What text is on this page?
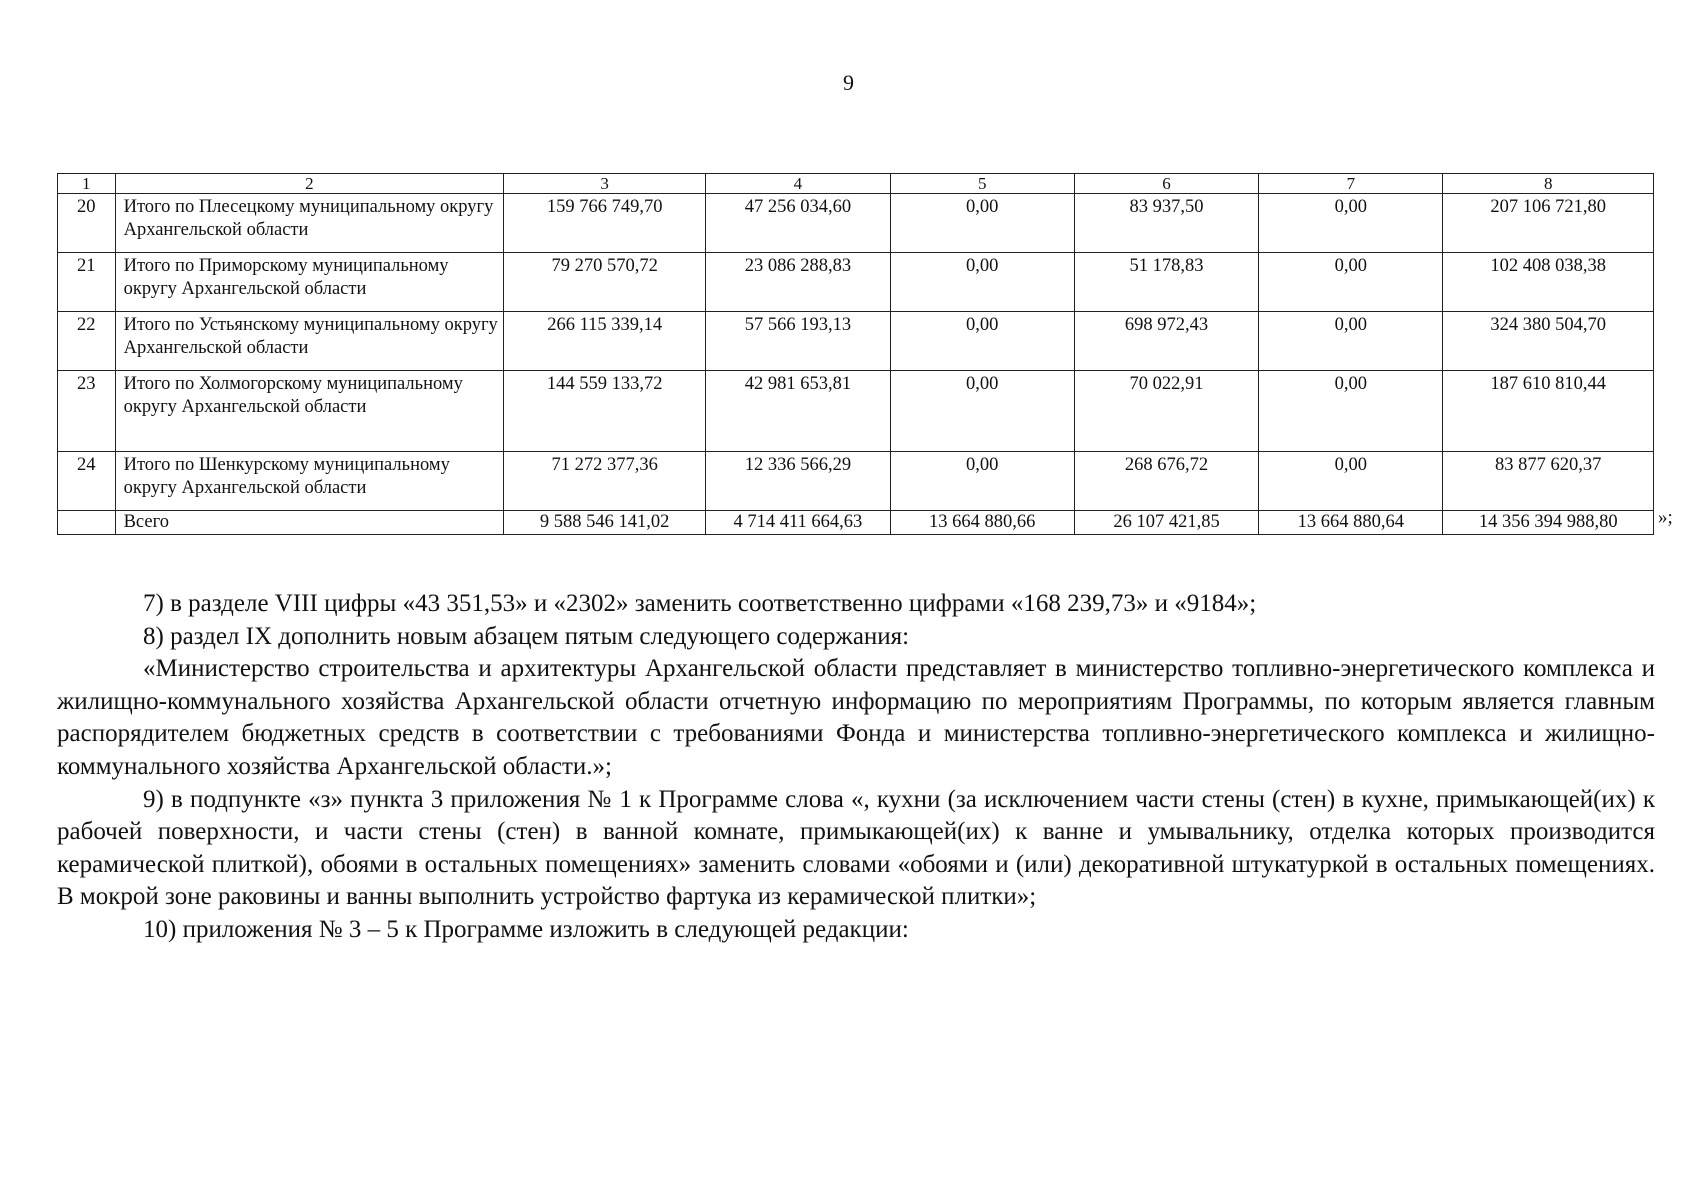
9
1	2	3	4	5	6	7	8
20	Итого по Плесецкому муниципальному округу Архангельской области	159 766 749,70	47 256 034,60	0,00	83 937,50	0,00	207 106 721,80
21	Итого по Приморскому муниципальному округу Архангельской области	79 270 570,72	23 086 288,83	0,00	51 178,83	0,00	102 408 038,38
22	Итого по Устьянскому муниципальному округу Архангельской области	266 115 339,14	57 566 193,13	0,00	698 972,43	0,00	324 380 504,70
23	Итого по Холмогорскому муниципальному округу Архангельской области	144 559 133,72	42 981 653,81	0,00	70 022,91	0,00	187 610 810,44
24	Итого по Шенкурскому муниципальному округу Архангельской области	71 272 377,36	12 336 566,29	0,00	268 676,72	0,00	83 877 620,37
	Всего	9 588 546 141,02	4 714 411 664,63	13 664 880,66	26 107 421,85	13 664 880,64	14 356 394 988,80 »;

7) в разделе VIII цифры «43 351,53» и «2302» заменить соответственно цифрами «168 239,73» и «9184»;

8) раздел IX дополнить новым абзацем пятым следующего содержания:

«Министерство строительства и архитектуры Архангельской области представляет в министерство топливно-энергетического комплекса и жилищно-коммунального хозяйства Архангельской области отчетную информацию по мероприятиям Программы, по которым является главным распорядителем бюджетных средств в соответствии с требованиями Фонда и министерства топливно-энергетического комплекса и жилищно- коммунального хозяйства Архангельской области.»;

9) в подпункте «з» пункта 3 приложения № 1 к Программе слова «, кухни (за исключением части стены (стен) в кухне, примыкающей(их) к рабочей поверхности, и части стены (стен) в ванной комнате, примыкающей(их) к ванне и умывальнику, отделка которых производится керамической плиткой), обоями в остальных помещениях» заменить словами «обоями и (или) декоративной штукатуркой в остальных помещениях. В мокрой зоне раковины и ванны выполнить устройство фартука из керамической плитки»;

10) приложения № 3 – 5 к Программе изложить в следующей редакции:
